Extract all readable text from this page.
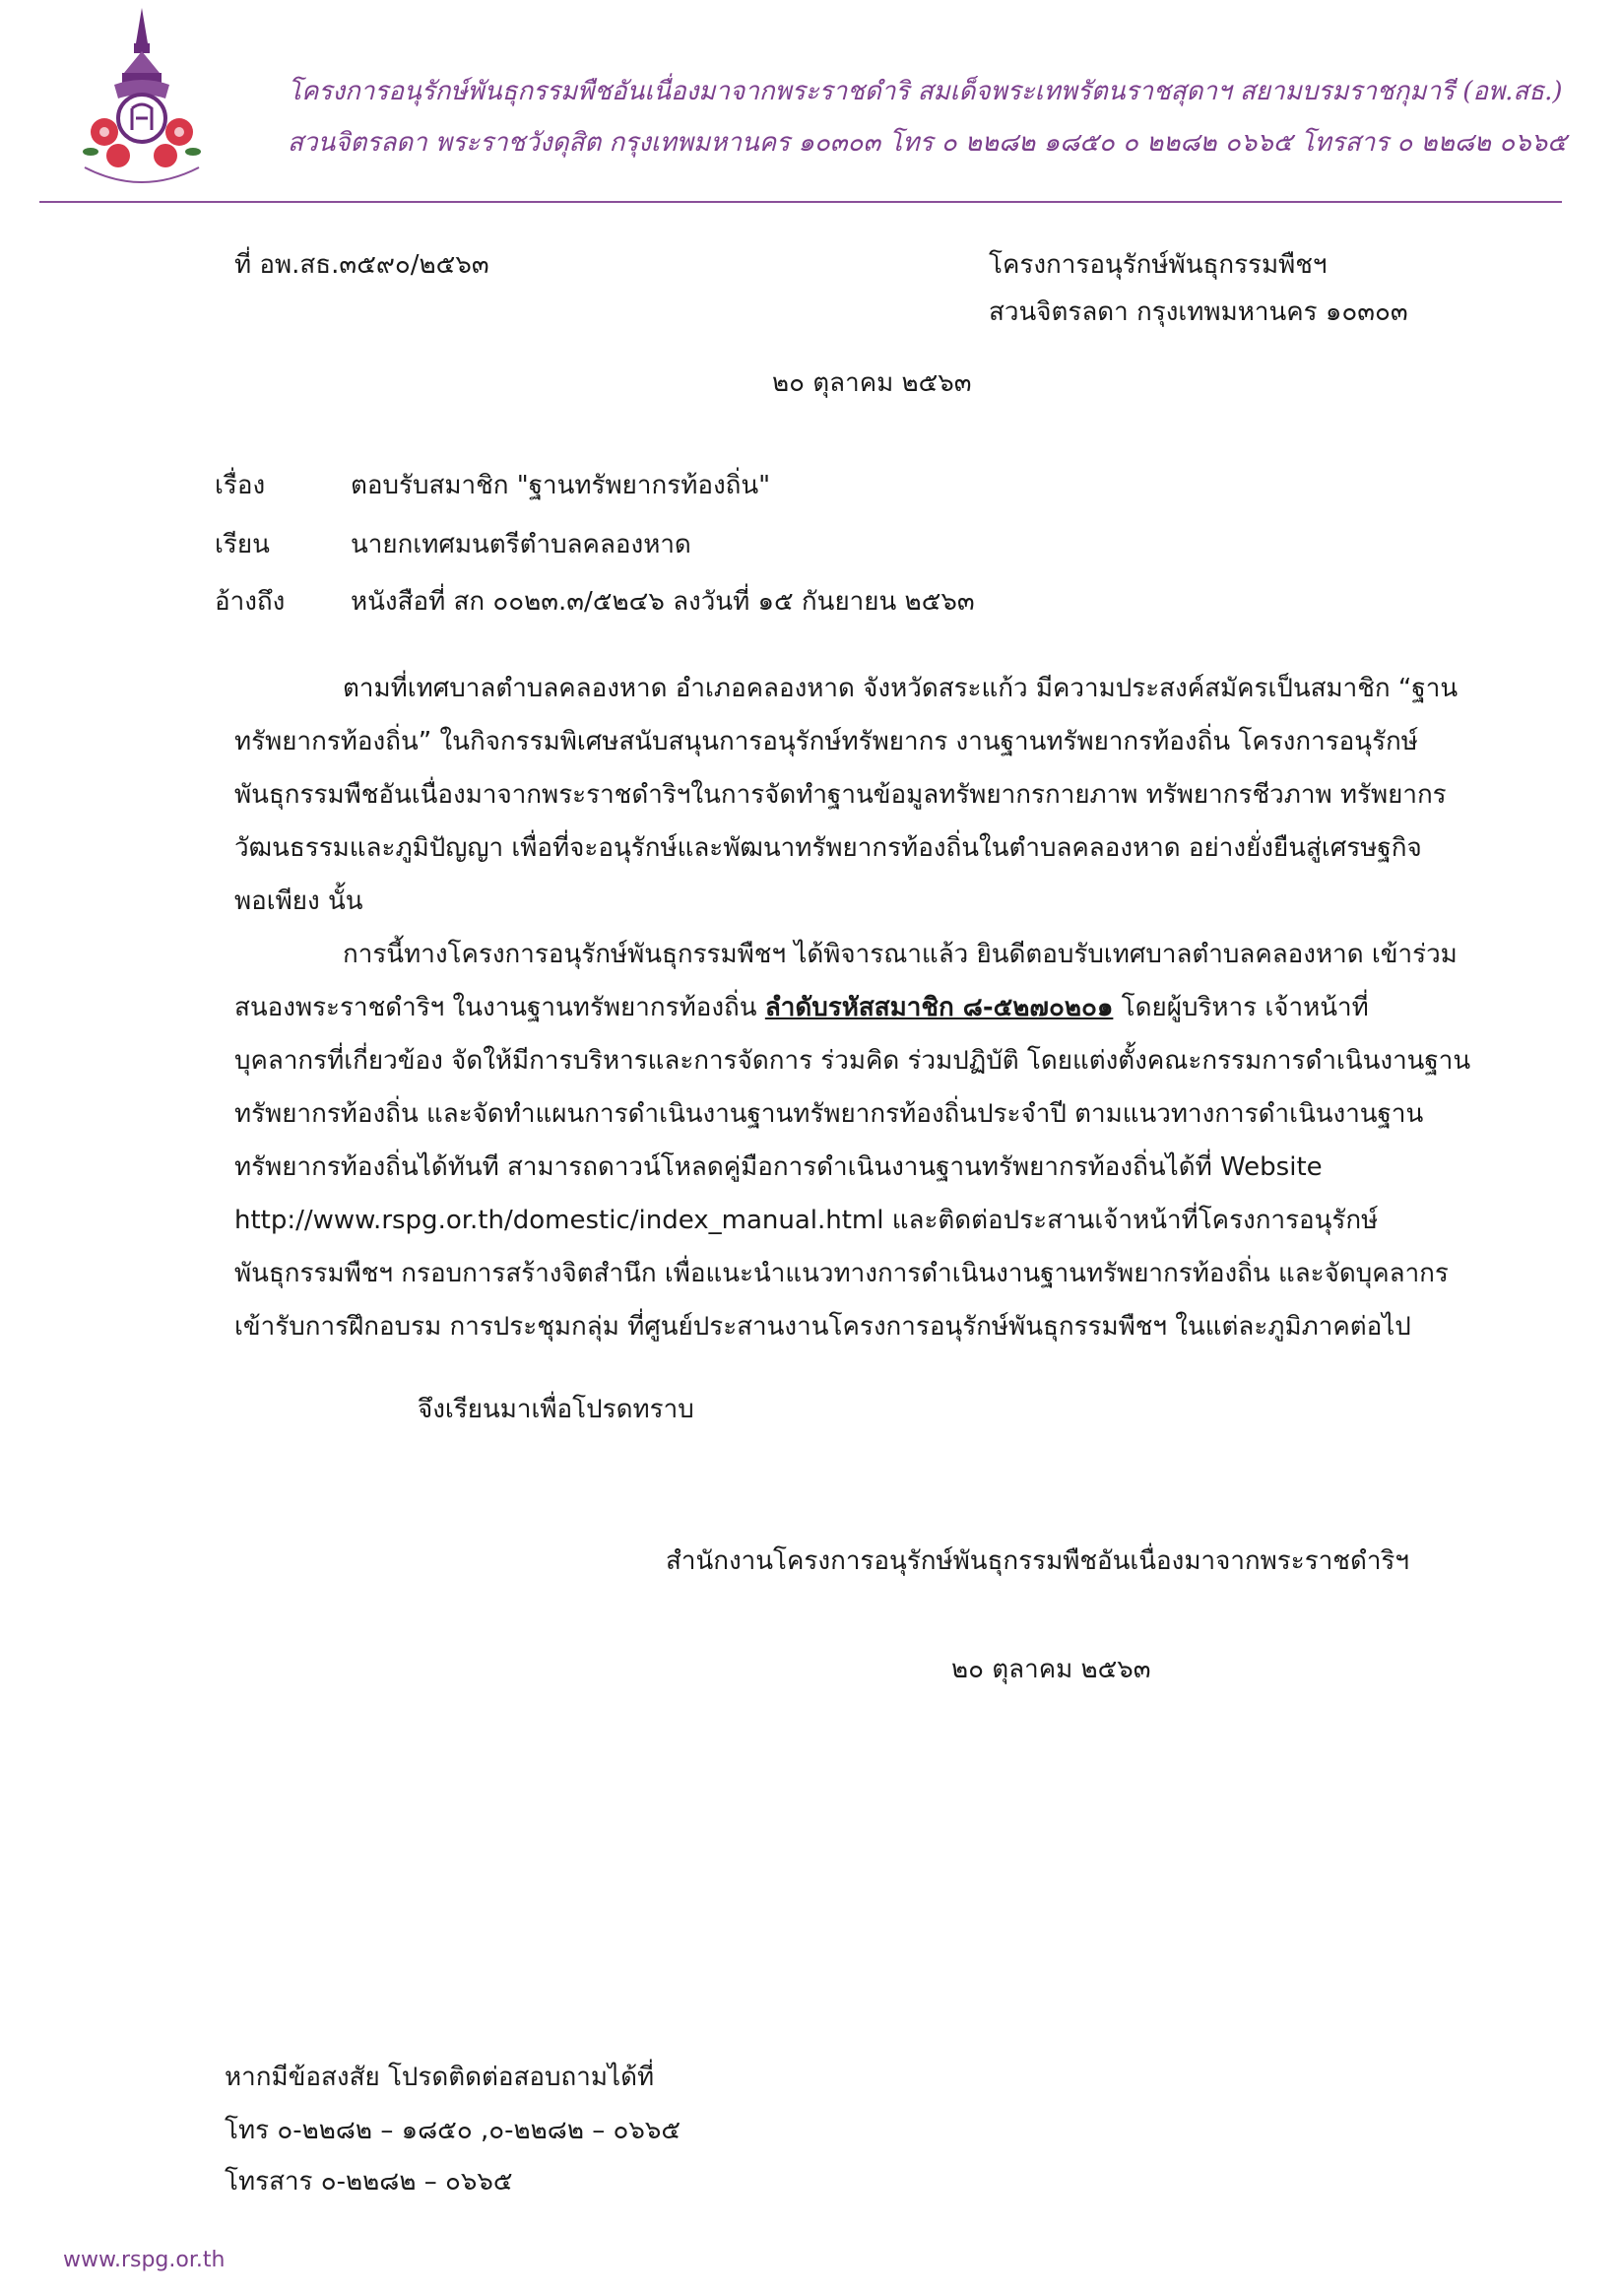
โครงการอนุรักษ์พันธุกรรมพืชอันเนื่องมาจากพระราชดำริ สมเด็จพระเทพรัตนราชสุดาฯ สยามบรมราชกุมารี (อพ.สธ.)
สวนจิตรลดา พระราชวังดุสิต กรุงเทพมหานคร ๑๐๓๐๓ โทร ๐ ๒๒๘๒ ๑๘๕๐ ๐ ๒๒๘๒ ๐๖๖๕ โทรสาร ๐ ๒๒๘๒ ๐๖๖๕
ที่ อพ.สธ.๓๕๙๐/๒๕๖๓	โครงการอนุรักษ์พันธุกรรมพืชฯ
สวนจิตรลดา กรุงเทพมหานคร ๑๐๓๐๓
๒๐ ตุลาคม ๒๕๖๓
เรื่อง	ตอบรับสมาชิก "ฐานทรัพยากรท้องถิ่น"
เรียน	นายกเทศมนตรีตำบลคลองหาด
อ้างถึง	หนังสือที่ สก ๐๐๒๓.๓/๕๒๔๖ ลงวันที่ ๑๕ กันยายน ๒๕๖๓
ตามที่เทศบาลตำบลคลองหาด อำเภอคลองหาด จังหวัดสระแก้ว มีความประสงค์สมัครเป็นสมาชิก “ฐาน
ทรัพยากรท้องถิ่น” ในกิจกรรมพิเศษสนับสนุนการอนุรักษ์ทรัพยากร งานฐานทรัพยากรท้องถิ่น โครงการอนุรักษ์
พันธุกรรมพืชอันเนื่องมาจากพระราชดำริฯในการจัดทำฐานข้อมูลทรัพยากรกายภาพ ทรัพยากรชีวภาพ ทรัพยากร
วัฒนธรรมและภูมิปัญญา เพื่อที่จะอนุรักษ์และพัฒนาทรัพยากรท้องถิ่นในตำบลคลองหาด อย่างยั่งยืนสู่เศรษฐกิจ
พอเพียง นั้น
การนี้ทางโครงการอนุรักษ์พันธุกรรมพืชฯ ได้พิจารณาแล้ว ยินดีตอบรับเทศบาลตำบลคลองหาด เข้าร่วม
สนองพระราชดำริฯ ในงานฐานทรัพยากรท้องถิ่น ลำดับรหัสสมาชิก ๘-๕๒๗๐๒๐๑ โดยผู้บริหาร เจ้าหน้าที่
บุคลากรที่เกี่ยวข้อง จัดให้มีการบริหารและการจัดการ ร่วมคิด ร่วมปฏิบัติ โดยแต่งตั้งคณะกรรมการดำเนินงานฐาน
ทรัพยากรท้องถิ่น และจัดทำแผนการดำเนินงานฐานทรัพยากรท้องถิ่นประจำปี ตามแนวทางการดำเนินงานฐาน
ทรัพยากรท้องถิ่นได้ทันที สามารถดาวน์โหลดคู่มือการดำเนินงานฐานทรัพยากรท้องถิ่นได้ที่ Website
http://www.rspg.or.th/domestic/index_manual.html และติดต่อประสานเจ้าหน้าที่โครงการอนุรักษ์
พันธุกรรมพืชฯ กรอบการสร้างจิตสำนึก เพื่อแนะนำแนวทางการดำเนินงานฐานทรัพยากรท้องถิ่น และจัดบุคลากร
เข้ารับการฝึกอบรม การประชุมกลุ่ม ที่ศูนย์ประสานงานโครงการอนุรักษ์พันธุกรรมพืชฯ ในแต่ละภูมิภาคต่อไป
จึงเรียนมาเพื่อโปรดทราบ
สำนักงานโครงการอนุรักษ์พันธุกรรมพืชอันเนื่องมาจากพระราชดำริฯ
๒๐ ตุลาคม ๒๕๖๓
หากมีข้อสงสัย โปรดติดต่อสอบถามได้ที่
โทร ๐-๒๒๘๒ – ๑๘๕๐ ,๐-๒๒๘๒ – ๐๖๖๕
โทรสาร ๐-๒๒๘๒ – ๐๖๖๕
www.rspg.or.th
